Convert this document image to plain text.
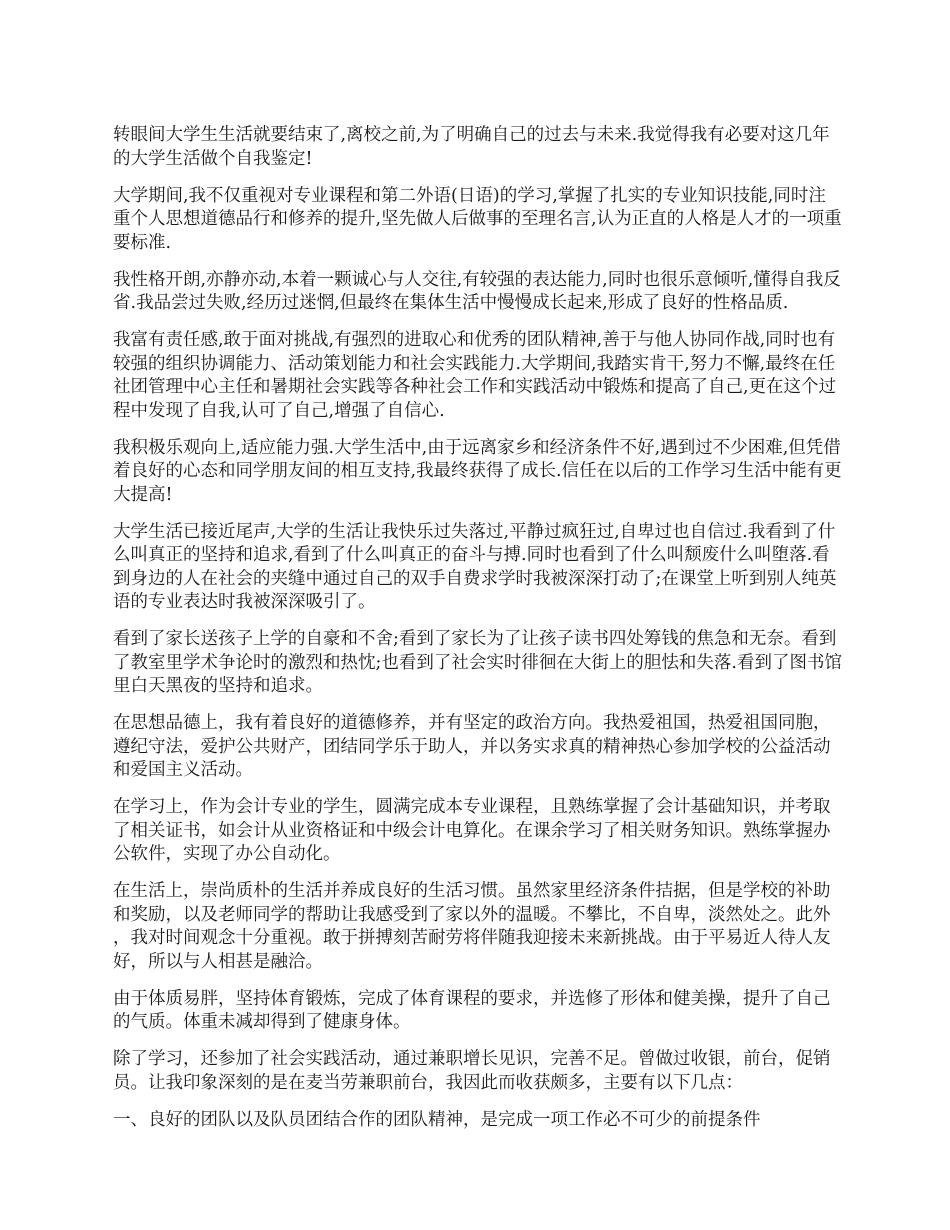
转眼间大学生生活就要结束了,离校之前,为了明确自己的过去与未来.我觉得我有必要对这几年的大学生活做个自我鉴定!

大学期间,我不仅重视对专业课程和第二外语(日语)的学习,掌握了扎实的专业知识技能,同时注重个人思想道德品行和修养的提升,坚先做人后做事的至理名言,认为正直的人格是人才的一项重要标准.

我性格开朗,亦静亦动,本着一颗诚心与人交往,有较强的表达能力,同时也很乐意倾听,懂得自我反省.我品尝过失败,经历过迷惘,但最终在集体生活中慢慢成长起来,形成了良好的性格品质.

我富有责任感,敢于面对挑战,有强烈的进取心和优秀的团队精神,善于与他人协同作战,同时也有较强的组织协调能力、活动策划能力和社会实践能力.大学期间,我踏实肯干,努力不懈,最终在任社团管理中心主任和暑期社会实践等各种社会工作和实践活动中锻炼和提高了自己,更在这个过程中发现了自我,认可了自己,增强了自信心.

我积极乐观向上,适应能力强.大学生活中,由于远离家乡和经济条件不好,遇到过不少困难,但凭借着良好的心态和同学朋友间的相互支持,我最终获得了成长.信任在以后的工作学习生活中能有更大提高!

大学生活已接近尾声,大学的生活让我快乐过失落过,平静过疯狂过,自卑过也自信过.我看到了什么叫真正的坚持和追求,看到了什么叫真正的奋斗与搏.同时也看到了什么叫颓废什么叫堕落.看到身边的人在社会的夹缝中通过自己的双手自费求学时我被深深打动了;在课堂上听到别人纯英语的专业表达时我被深深吸引了。

看到了家长送孩子上学的自豪和不舍;看到了家长为了让孩子读书四处筹钱的焦急和无奈。看到了教室里学术争论时的激烈和热忱;也看到了社会实时徘徊在大街上的胆怯和失落.看到了图书馆里白天黑夜的坚持和追求。

在思想品德上，我有着良好的道德修养，并有坚定的政治方向。我热爱祖国，热爱祖国同胞，遵纪守法，爱护公共财产，团结同学乐于助人，并以务实求真的精神热心参加学校的公益活动和爱国主义活动。

在学习上，作为会计专业的学生，圆满完成本专业课程，且熟练掌握了会计基础知识，并考取了相关证书，如会计从业资格证和中级会计电算化。在课余学习了相关财务知识。熟练掌握办公软件，实现了办公自动化。

在生活上，崇尚质朴的生活并养成良好的生活习惯。虽然家里经济条件拮据，但是学校的补助和奖励，以及老师同学的帮助让我感受到了家以外的温暖。不攀比，不自卑，淡然处之。此外，我对时间观念十分重视。敢于拼搏刻苦耐劳将伴随我迎接未来新挑战。由于平易近人待人友好，所以与人相甚是融洽。

由于体质易胖，坚持体育锻炼，完成了体育课程的要求，并选修了形体和健美操，提升了自己的气质。体重未减却得到了健康身体。

除了学习，还参加了社会实践活动，通过兼职增长见识，完善不足。曾做过收银，前台，促销员。让我印象深刻的是在麦当劳兼职前台，我因此而收获颇多，主要有以下几点：

一、良好的团队以及队员团结合作的团队精神，是完成一项工作必不可少的前提条件
